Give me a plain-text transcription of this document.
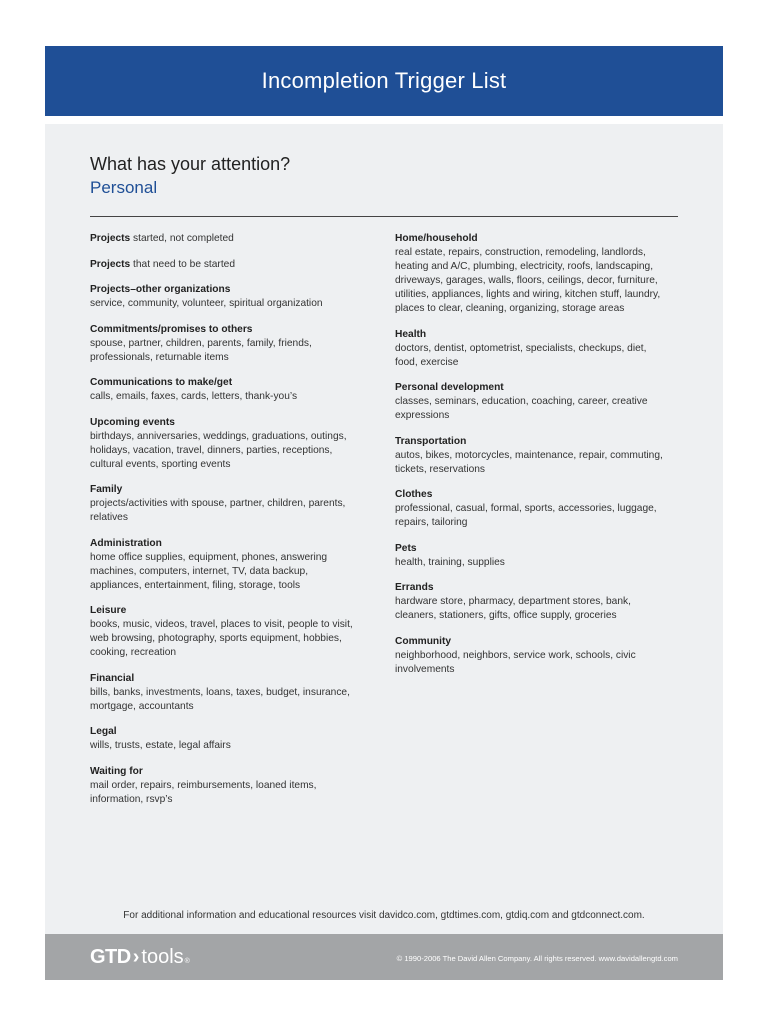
Incompletion Trigger List
What has your attention?
Personal
Projects started, not completed
Projects that need to be started
Projects–other organizations
service, community, volunteer, spiritual organization
Commitments/promises to others
spouse, partner, children, parents, family, friends, professionals, returnable items
Communications to make/get
calls, emails, faxes, cards, letters, thank-you’s
Upcoming events
birthdays, anniversaries, weddings, graduations, outings, holidays, vacation, travel, dinners, parties, receptions, cultural events, sporting events
Family
projects/activities with spouse, partner, children, parents, relatives
Administration
home office supplies, equipment, phones, answering machines, computers, internet, TV, data backup, appliances, entertainment, filing, storage, tools
Leisure
books, music, videos, travel, places to visit, people to visit, web browsing, photography, sports equipment, hobbies, cooking, recreation
Financial
bills, banks, investments, loans, taxes, budget, insurance, mortgage, accountants
Legal
wills, trusts, estate, legal affairs
Waiting for
mail order, repairs, reimbursements, loaned items, information, rsvp’s
Home/household
real estate, repairs, construction, remodeling, landlords, heating and A/C, plumbing, electricity, roofs, landscaping, driveways, garages, walls, floors, ceilings, decor, furniture, utilities, appliances, lights and wiring, kitchen stuff, laundry, places to clear, cleaning, organizing, storage areas
Health
doctors, dentist, optometrist, specialists, checkups, diet, food, exercise
Personal development
classes, seminars, education, coaching, career, creative expressions
Transportation
autos, bikes, motorcycles, maintenance, repair, commuting, tickets, reservations
Clothes
professional, casual, formal, sports, accessories, luggage, repairs, tailoring
Pets
health, training, supplies
Errands
hardware store, pharmacy, department stores, bank, cleaners, stationers, gifts, office supply, groceries
Community
neighborhood, neighbors, service work, schools, civic involvements
For additional information and educational resources visit davidco.com, gtdtimes.com, gtdiq.com and gtdconnect.com.
GTD › tools ®	© 1990-2006 The David Allen Company. All rights reserved. www.davidallengtd.com
